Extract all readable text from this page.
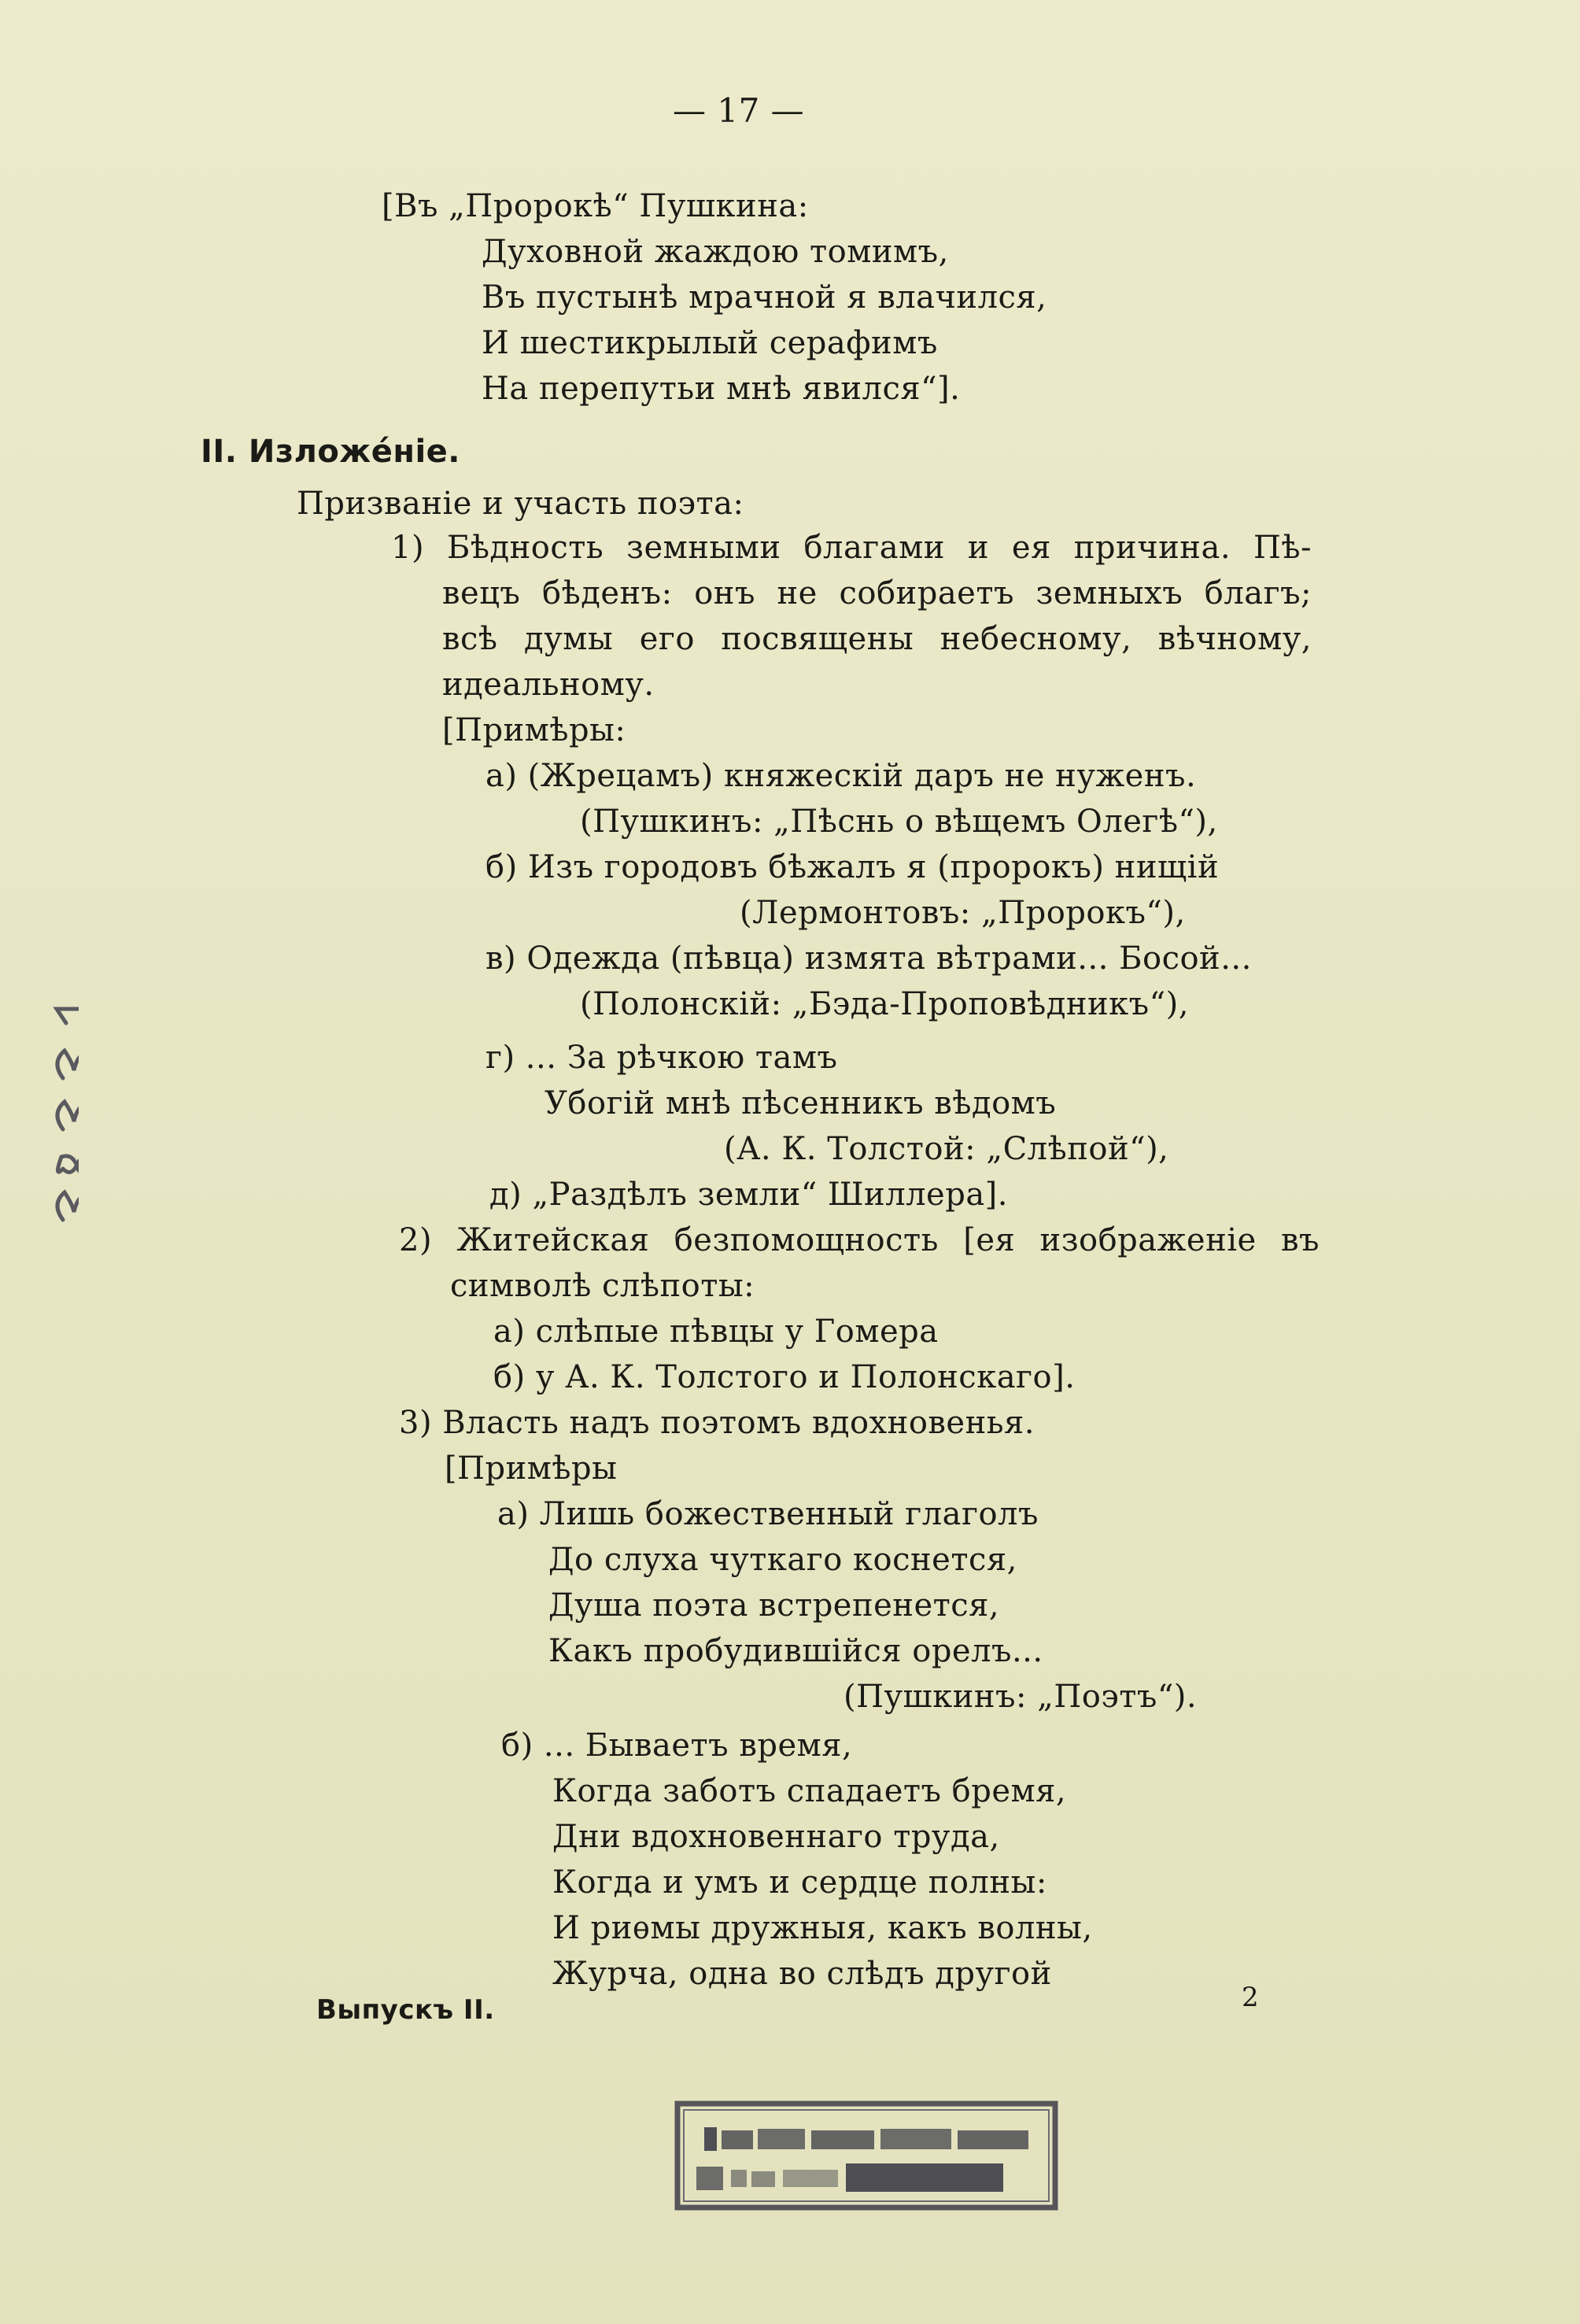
— 17 —
[Въ „Пророкѣ“ Пушкина:
Духовной жаждою томимъ,
Въ пустынѣ мрачной я влачился,
И шестикрылый серафимъ
На перепутьи мнѣ явился“].
II. Изложе́ніе.
Призваніе и участь поэта:
1) Бѣдность земными благами и ея причина. Пѣ-
вецъ бѣденъ: онъ не собираетъ земныхъ благъ;
всѣ думы его посвящены небесному, вѣчному,
идеальному.
[Примѣры:
а) (Жрецамъ) княжескій даръ не нуженъ.
(Пушкинъ: „Пѣснь о вѣщемъ Олегѣ“),
б) Изъ городовъ бѣжалъ я (пророкъ) нищій
(Лермонтовъ: „Пророкъ“),
в) Одежда (пѣвца) измята вѣтрами... Босой...
(Полонскій: „Бэда-Проповѣдникъ“),
г) ... За рѣчкою тамъ
Убогій мнѣ пѣсенникъ вѣдомъ
(А. К. Толстой: „Слѣпой“),
д) „Раздѣлъ земли“ Шиллера].
2) Житейская безпомощность [ея изображеніе въ
символѣ слѣпоты:
а) слѣпые пѣвцы у Гомера
б) у А. К. Толстого и Полонскаго].
3) Власть надъ поэтомъ вдохновенья.
[Примѣры
а) Лишь божественный глаголъ
До слуха чуткаго коснется,
Душа поэта встрепенется,
Какъ пробудившійся орелъ...
(Пушкинъ: „Поэтъ“).
б) ... Бываетъ время,
Когда заботъ спадаетъ бремя,
Дни вдохновеннаго труда,
Когда и умъ и сердце полны:
И риѳмы дружныя, какъ волны,
Журча, одна во слѣдъ другой
Выпускъ II.	2
